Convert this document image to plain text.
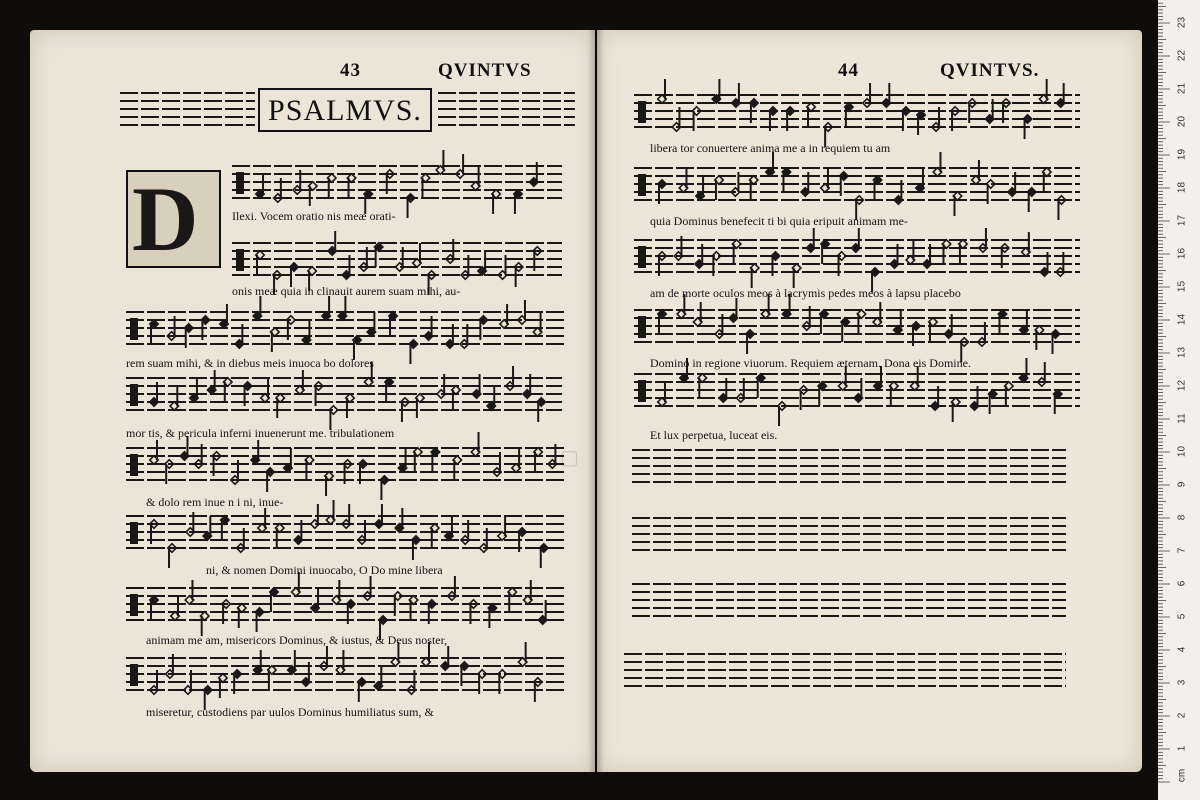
▢
43	QVINTVS	44	QVINTVS.
PSALMVS.
D	Ilexi. Vocem oratio nis meæ orati-
onis meæ quia in clinauit aurem suam mihi, au-
rem suam mihi, & in diebus meis inuoca bo dolores
mor tis, & pericula inferni inuenerunt me. tribulationem
& dolo rem inue n i ni, inue-
ni, & nomen Domini inuocabo, O Do mine libera
animam me am, misericors Dominus, & iustus, & Deus noster,
miseretur, custodiens par uulos Dominus humiliatus sum, &
libera tor conuertere anima me a in requiem tu am
quia Dominus benefecit ti bi quia eripuit animam me-
am de morte oculos meos à lacrymis pedes meos à lapsu placebo
Domino in regione viuorum. Requiem æternam. Dona eis Domine.
Et lux perpetua, luceat eis.
23
22
21
20
19
18
17
16
15
14
13
12
11
10
9
8
7
6
5
4
3
2
1
cm
